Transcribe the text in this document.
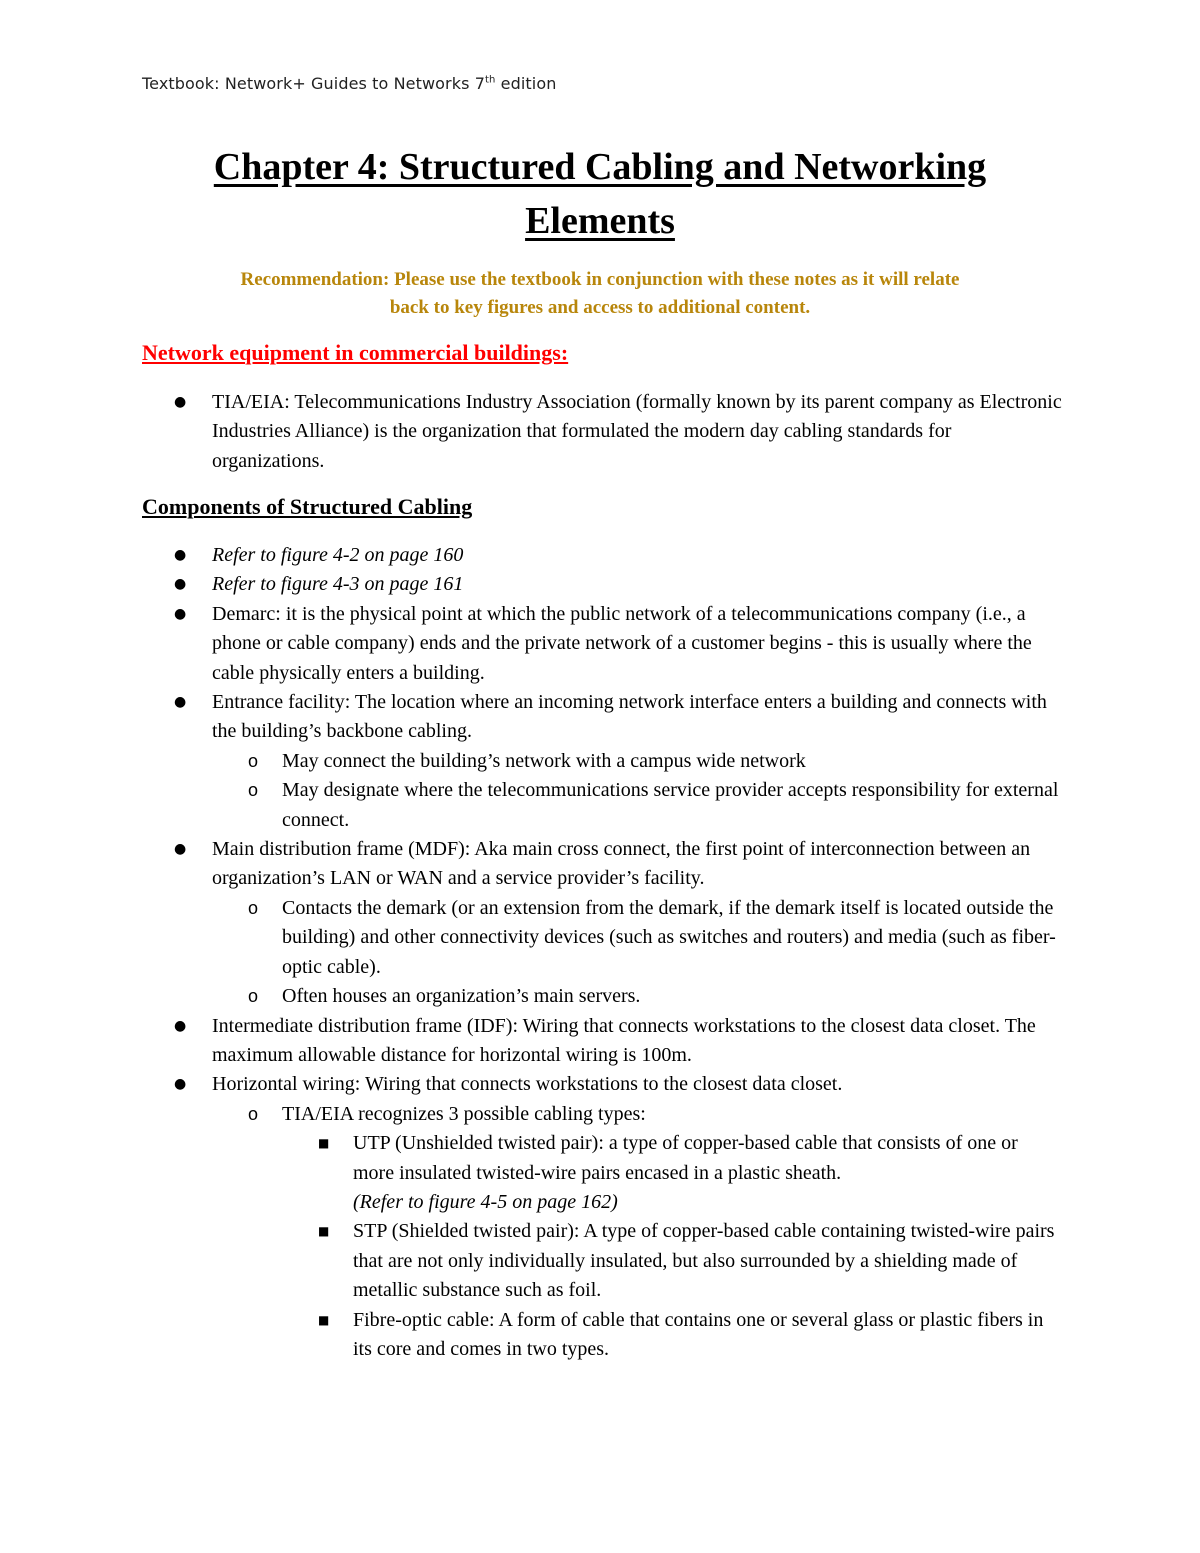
Textbook: Network+ Guides to Networks 7th edition
Chapter 4: Structured Cabling and Networking
Elements
Recommendation: Please use the textbook in conjunction with these notes as it will relate
back to key figures and access to additional content.
Network equipment in commercial buildings:
● TIA/EIA: Telecommunications Industry Association (formally known by its parent company as Electronic Industries Alliance) is the organization that formulated the modern day cabling standards for organizations.
Components of Structured Cabling
● Refer to figure 4-2 on page 160
● Refer to figure 4-3 on page 161
● Demarc: it is the physical point at which the public network of a telecommunications company (i.e., a phone or cable company) ends and the private network of a customer begins - this is usually where the cable physically enters a building.
● Entrance facility: The location where an incoming network interface enters a building and connects with the building’s backbone cabling.
o May connect the building’s network with a campus wide network
o May designate where the telecommunications service provider accepts responsibility for external connect.
● Main distribution frame (MDF): Aka main cross connect, the first point of interconnection between an organization’s LAN or WAN and a service provider’s facility.
o Contacts the demark (or an extension from the demark, if the demark itself is located outside the building) and other connectivity devices (such as switches and routers) and media (such as fiber-optic cable).
o Often houses an organization’s main servers.
● Intermediate distribution frame (IDF): Wiring that connects workstations to the closest data closet. The maximum allowable distance for horizontal wiring is 100m.
● Horizontal wiring: Wiring that connects workstations to the closest data closet.
o TIA/EIA recognizes 3 possible cabling types:
■ UTP (Unshielded twisted pair): a type of copper-based cable that consists of one or more insulated twisted-wire pairs encased in a plastic sheath.
(Refer to figure 4-5 on page 162)
■ STP (Shielded twisted pair): A type of copper-based cable containing twisted-wire pairs that are not only individually insulated, but also surrounded by a shielding made of metallic substance such as foil.
■ Fibre-optic cable: A form of cable that contains one or several glass or plastic fibers in its core and comes in two types.
